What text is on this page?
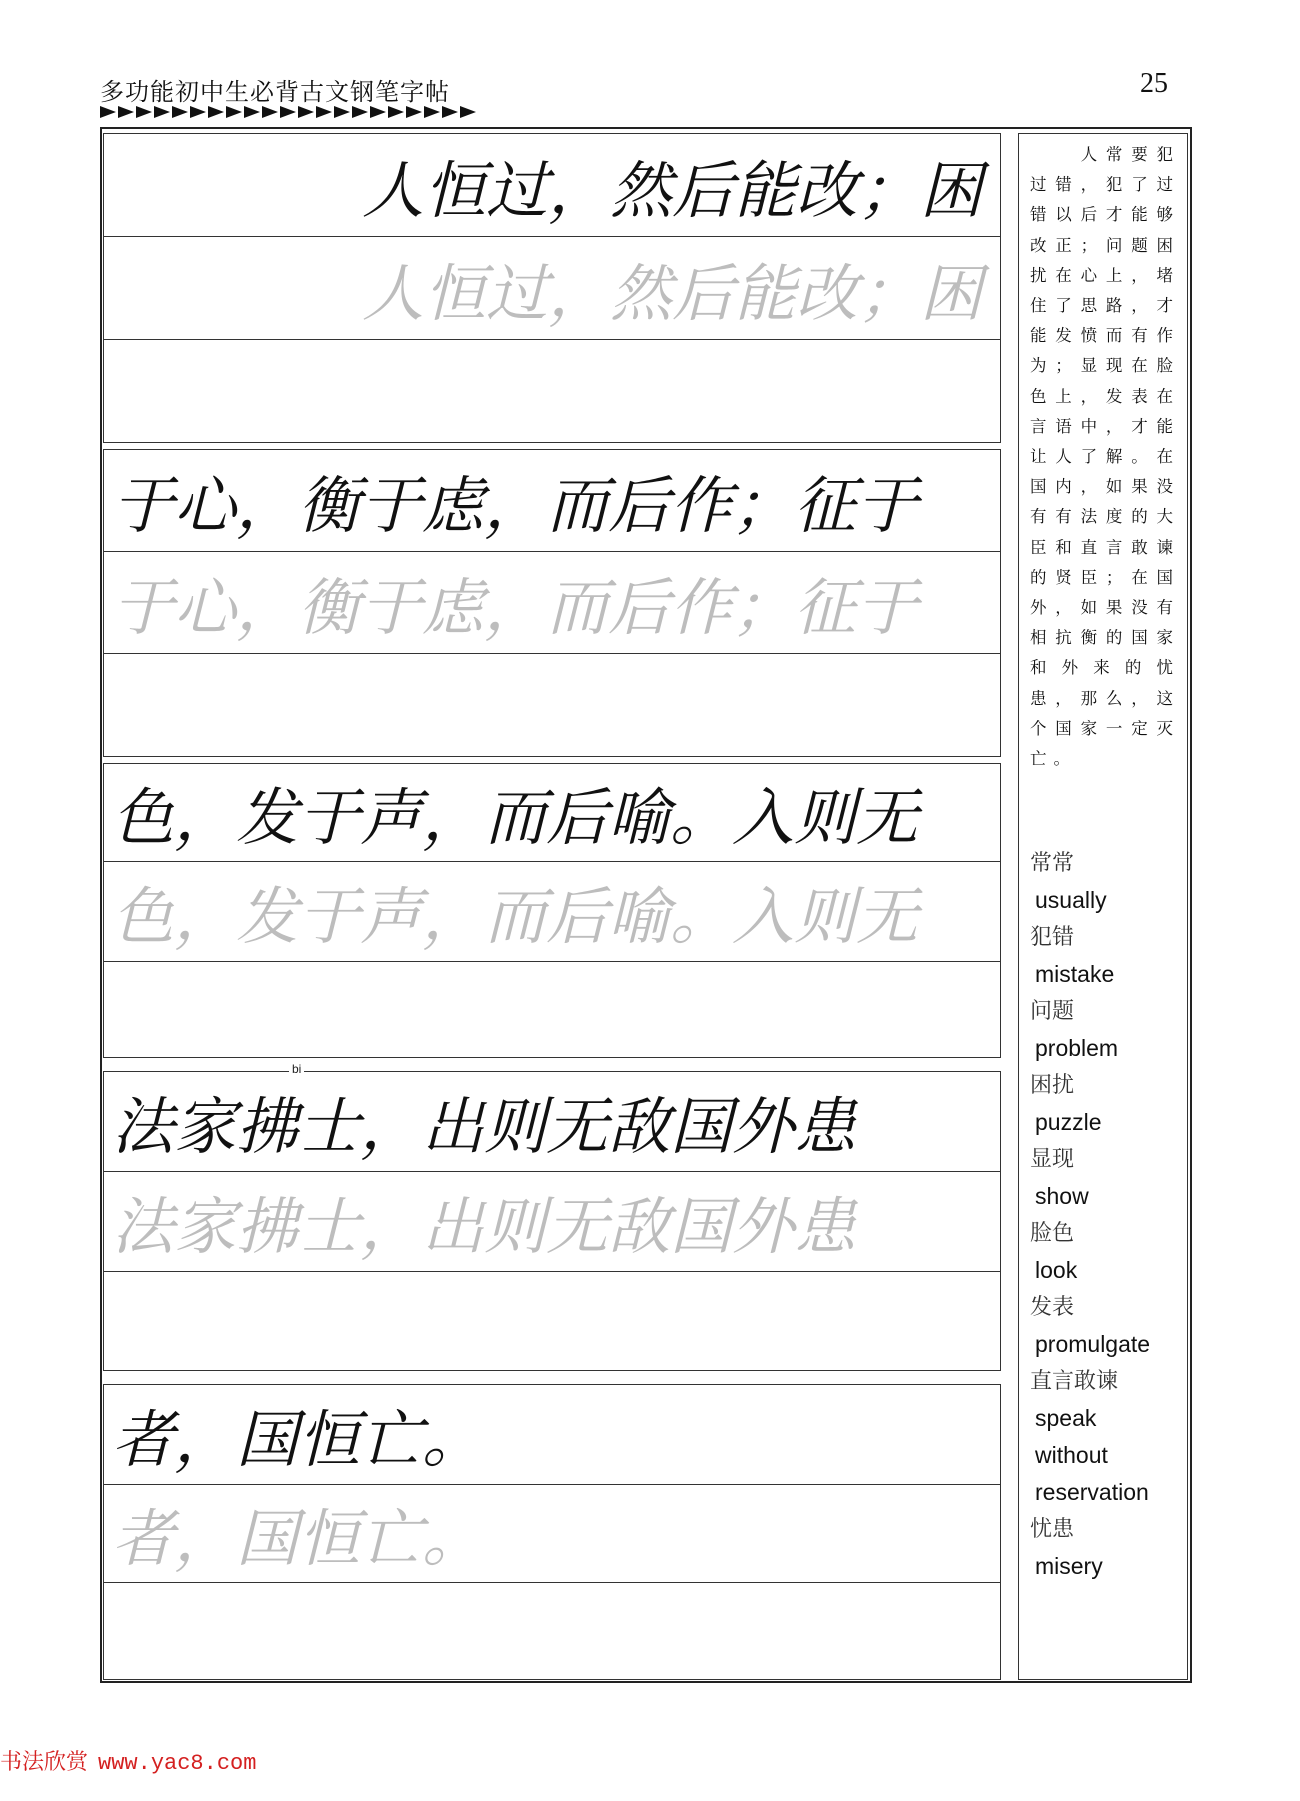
多功能初中生必背古文钢笔字帖	25
人恒过，然后能改；困
人恒过，然后能改；困
于心，衡于虑，而后作；征于
于心，衡于虑，而后作；征于
色，发于声，而后喻。入则无
色，发于声，而后喻。入则无
bi
法家拂士，出则无敌国外患
法家拂士，出则无敌国外患
者，国恒亡。
者，国恒亡。
　　人常要犯过错，犯了过错以后才能够改正；问题困扰在心上，堵住了思路，才能发愤而有作为；显现在脸色上，发表在言语中，才能让人了解。在国内，如果没有有法度的大臣和直言敢谏的贤臣；在国外，如果没有相抗衡的国家和外来的忧患，那么，这个国家一定灭亡。
常常
usually
犯错
mistake
问题
problem
困扰
puzzle
显现
show
脸色
look
发表
promulgate
直言敢谏
speak
without
reservation
忧患
misery
书法欣赏 www.yac8.com
